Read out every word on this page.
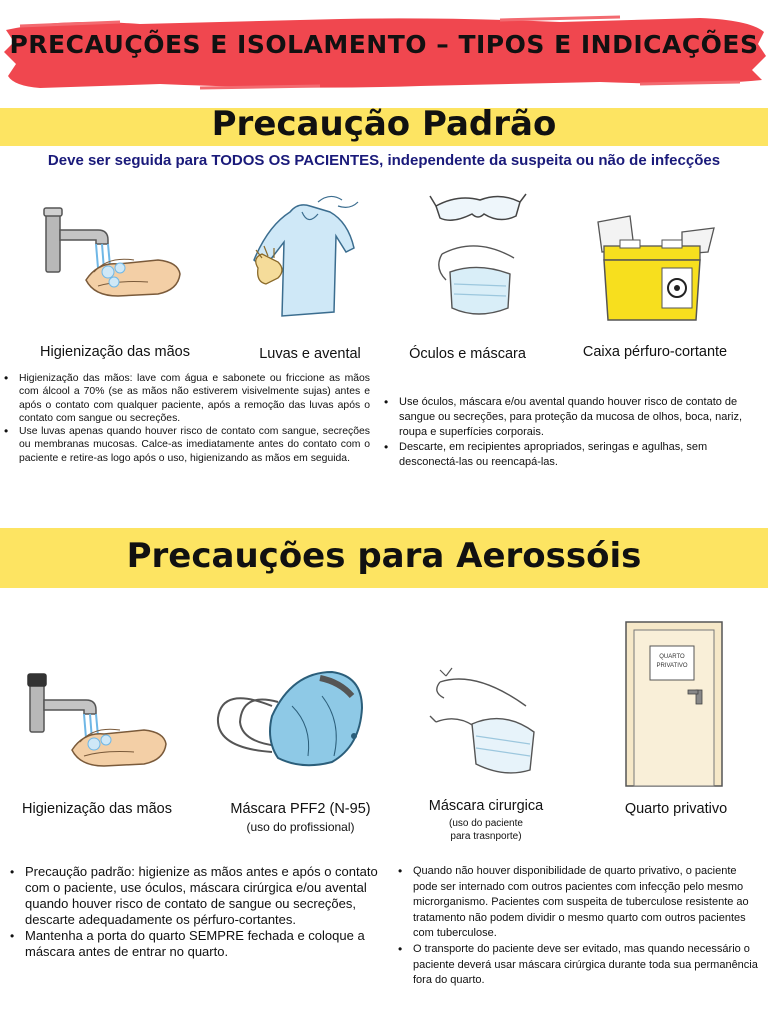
PRECAUÇÕES E ISOLAMENTO – TIPOS E INDICAÇÕES
Precaução Padrão
Deve ser seguida para TODOS OS PACIENTES, independente da suspeita ou não de infecções
Higienização das mãos	Luvas e avental	Óculos e máscara	Caixa pérfuro-cortante
• Higienização das mãos: lave com água e sabonete ou friccione as mãos com álcool a 70% (se as mãos não estiverem visivelmente sujas) antes e após o contato com qualquer paciente, após a remoção das luvas após o contato com sangue ou secreções.
• Use luvas apenas quando houver risco de contato com sangue, secreções ou membranas mucosas. Calce-as imediatamente antes do contato com o paciente e retire-as logo após o uso, higienizando as mãos em seguida.
• Use óculos, máscara e/ou avental quando houver risco de contato de sangue ou secreções, para proteção da mucosa de olhos, boca, nariz, roupa e superfícies corporais.
• Descarte, em recipientes apropriados, seringas e agulhas, sem desconectá-las ou reencapá-las.
Precauções para Aerossóis
QUARTO
PRIVATIVO
Higienização das mãos	Máscara PFF2 (N-95)
(uso do profissional)
Máscara cirurgica
(uso do paciente
para trasnporte)
Quarto privativo
• Precaução padrão: higienize as mãos antes e após o contato com o paciente, use óculos, máscara cirúrgica e/ou avental quando houver risco de contato de sangue ou secreções, descarte adequadamente os pérfuro-cortantes.
• Mantenha a porta do quarto SEMPRE fechada e coloque a máscara antes de entrar no quarto.
• Quando não houver disponibilidade de quarto privativo, o paciente pode ser internado com outros pacientes com infecção pelo mesmo microrganismo. Pacientes com suspeita de tuberculose resistente ao tratamento não podem dividir o mesmo quarto com outros pacientes com tuberculose.
• O transporte do paciente deve ser evitado, mas quando necessário o paciente deverá usar máscara cirúrgica durante toda sua permanência fora do quarto.
